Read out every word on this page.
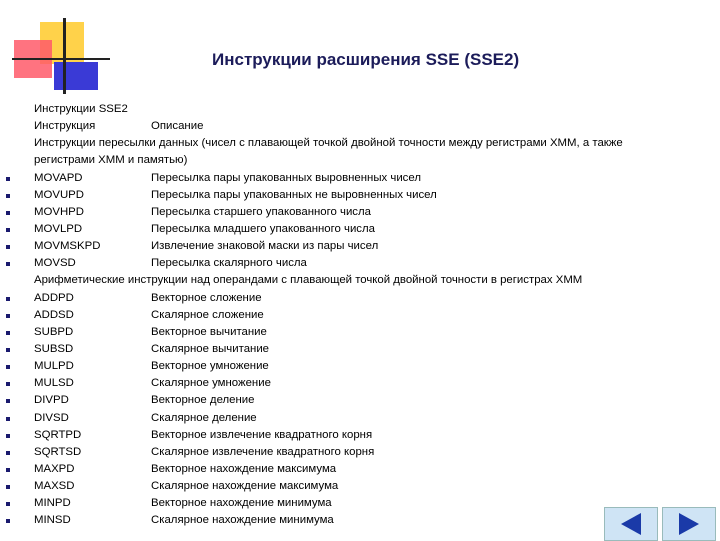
Инструкции расширения SSE (SSE2)
Инструкции SSE2
Инструкция	Описание
Инструкции пересылки данных (чисел с плавающей точкой двойной точности между регистрами XMM, а также
регистрами XMM и памятью)
MOVAPD	Пересылка пары упакованных выровненных чисел
MOVUPD	Пересылка пары упакованных не выровненных чисел
MOVHPD	Пересылка старшего упакованного числа
MOVLPD	Пересылка младшего упакованного числа
MOVMSKPD	Извлечение знаковой маски из пары чисел
MOVSD	Пересылка скалярного числа
Арифметические инструкции над операндами с плавающей точкой двойной точности в регистрах XMM
ADDPD	Векторное сложение
ADDSD	Скалярное сложение
SUBPD	Векторное вычитание
SUBSD	Скалярное вычитание
MULPD	Векторное умножение
MULSD	Скалярное умножение
DIVPD	Векторное деление
DIVSD	Скалярное деление
SQRTPD	Векторное извлечение квадратного корня
SQRTSD	Скалярное извлечение квадратного корня
MAXPD	Векторное нахождение максимума
MAXSD	Скалярное нахождение максимума
MINPD	Векторное нахождение минимума
MINSD	Скалярное нахождение минимума
